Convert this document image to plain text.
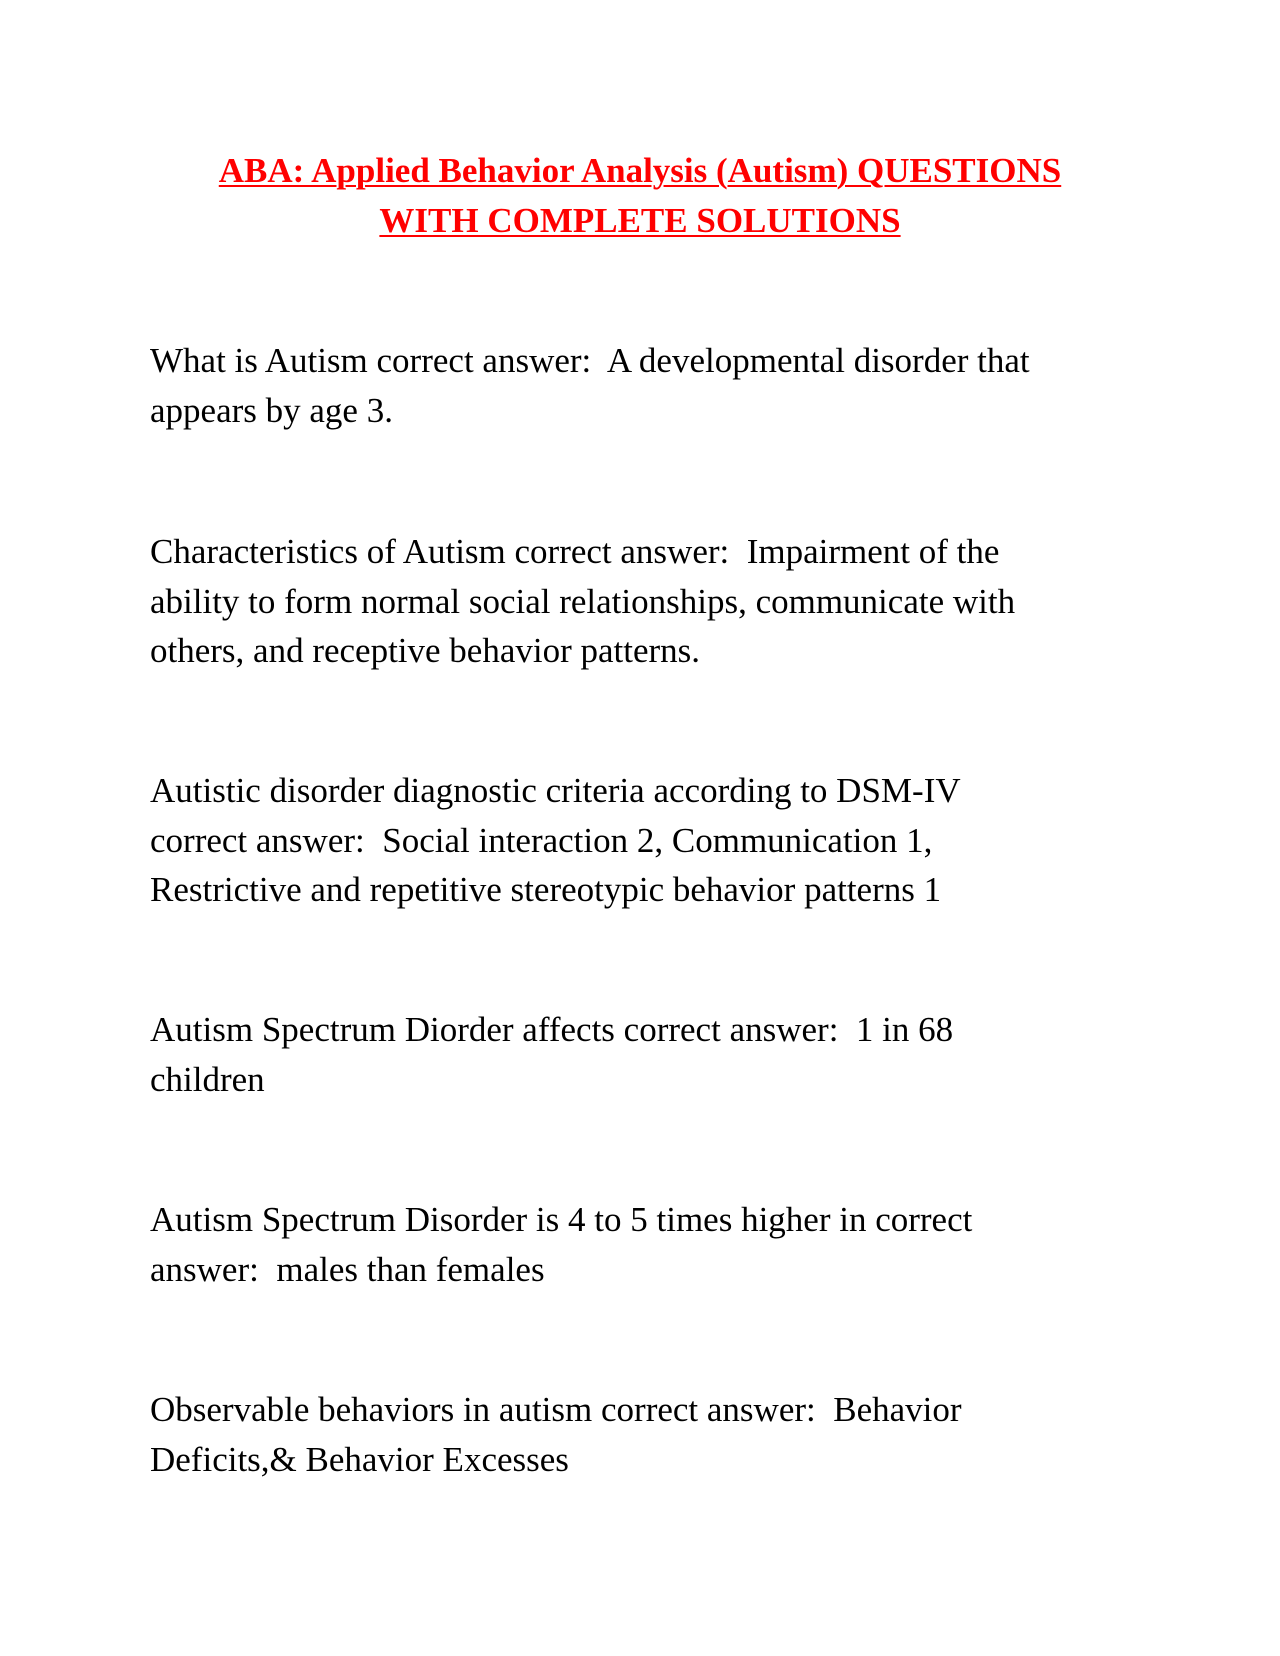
ABA: Applied Behavior Analysis (Autism) QUESTIONS
WITH COMPLETE SOLUTIONS

What is Autism correct answer:  A developmental disorder that
appears by age 3.

Characteristics of Autism correct answer:  Impairment of the
ability to form normal social relationships, communicate with
others, and receptive behavior patterns.

Autistic disorder diagnostic criteria according to DSM-IV
correct answer:  Social interaction 2, Communication 1,
Restrictive and repetitive stereotypic behavior patterns 1

Autism Spectrum Diorder affects correct answer:  1 in 68
children

Autism Spectrum Disorder is 4 to 5 times higher in correct
answer:  males than females

Observable behaviors in autism correct answer:  Behavior
Deficits,& Behavior Excesses
